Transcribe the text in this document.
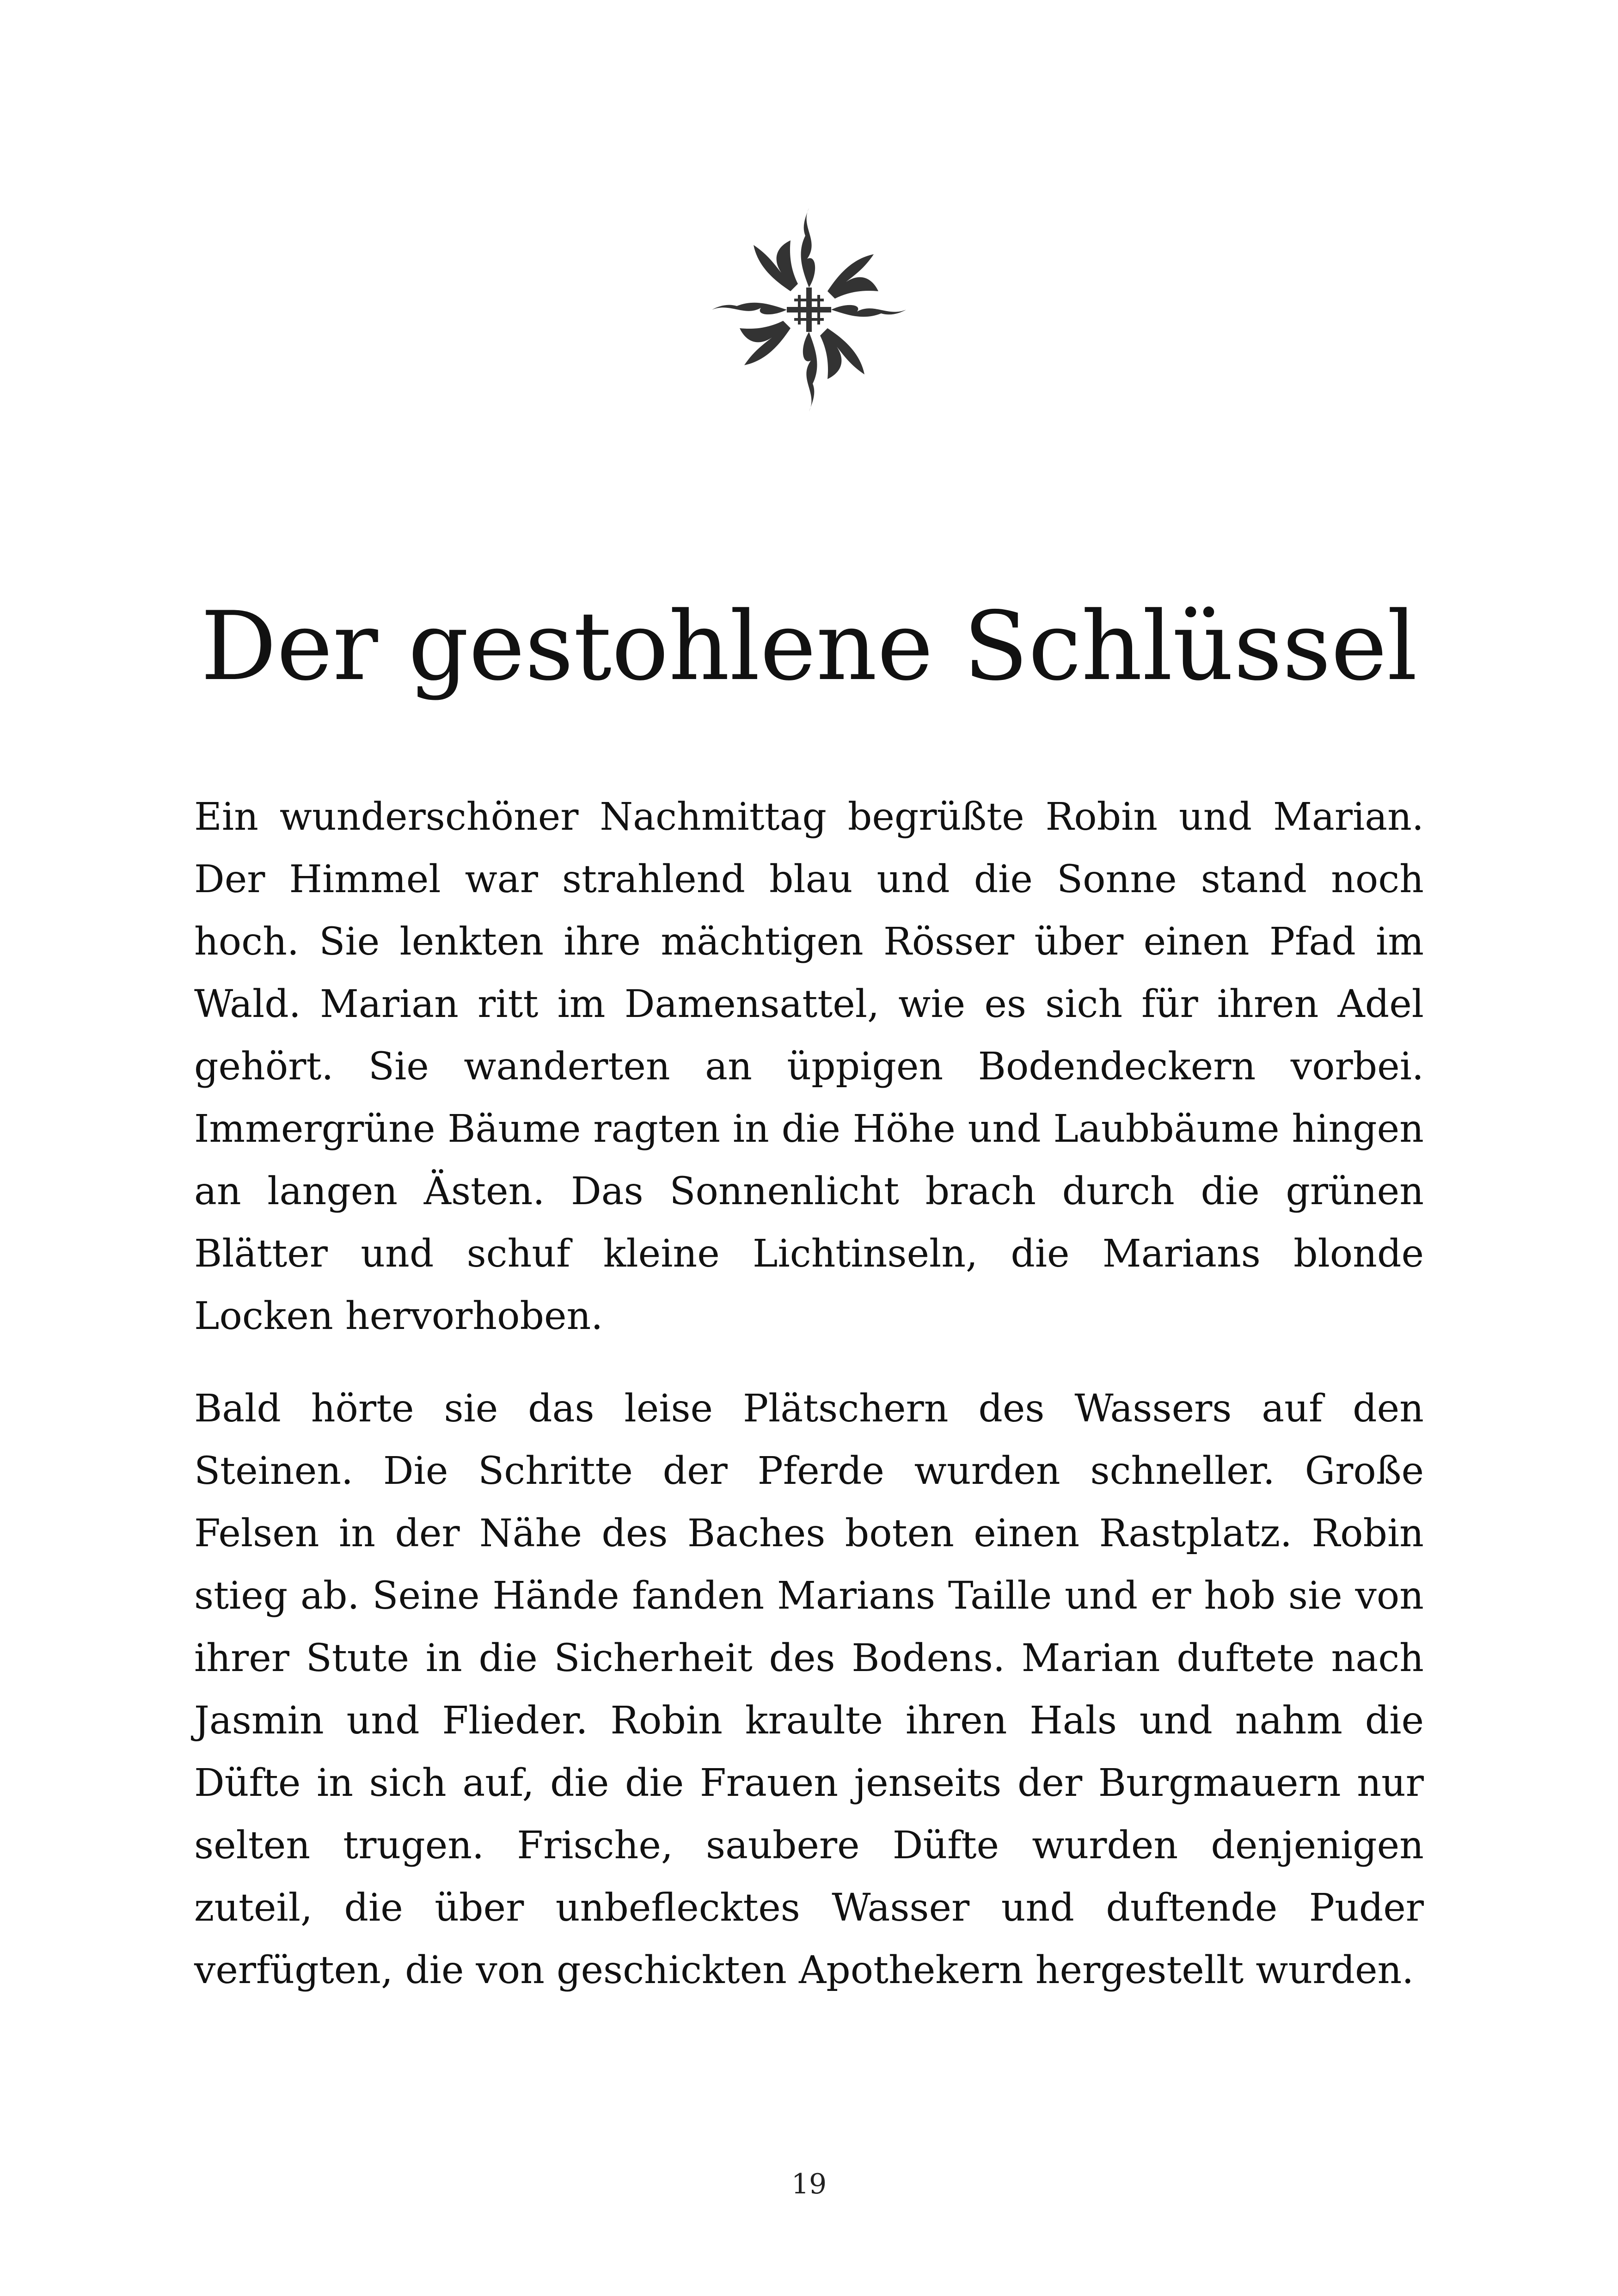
Der gestohlene Schlüssel

Ein wunderschöner Nachmittag begrüßte Robin und Marian. Der Himmel war strahlend blau und die Sonne stand noch hoch. Sie lenkten ihre mächtigen Rösser über einen Pfad im Wald. Marian ritt im Damensattel, wie es sich für ihren Adel gehört. Sie wanderten an üppigen Bodendeckern vorbei. Immergrüne Bäume ragten in die Höhe und Laubbäume hingen an langen Ästen. Das Sonnenlicht brach durch die grünen Blätter und schuf kleine Lichtinseln, die Marians blonde Locken hervorhoben.

Bald hörte sie das leise Plätschern des Wassers auf den Steinen. Die Schritte der Pferde wurden schneller. Große Felsen in der Nähe des Baches boten einen Rastplatz. Robin stieg ab. Seine Hände fanden Marians Taille und er hob sie von ihrer Stute in die Sicherheit des Bodens. Marian duftete nach Jasmin und Flieder. Robin kraulte ihren Hals und nahm die Düfte in sich auf, die die Frauen jenseits der Burgmauern nur selten trugen. Frische, saubere Düfte wurden denjenigen zuteil, die über unbeflecktes Wasser und duftende Puder verfügten, die von geschickten Apothekern hergestellt wurden.

19
